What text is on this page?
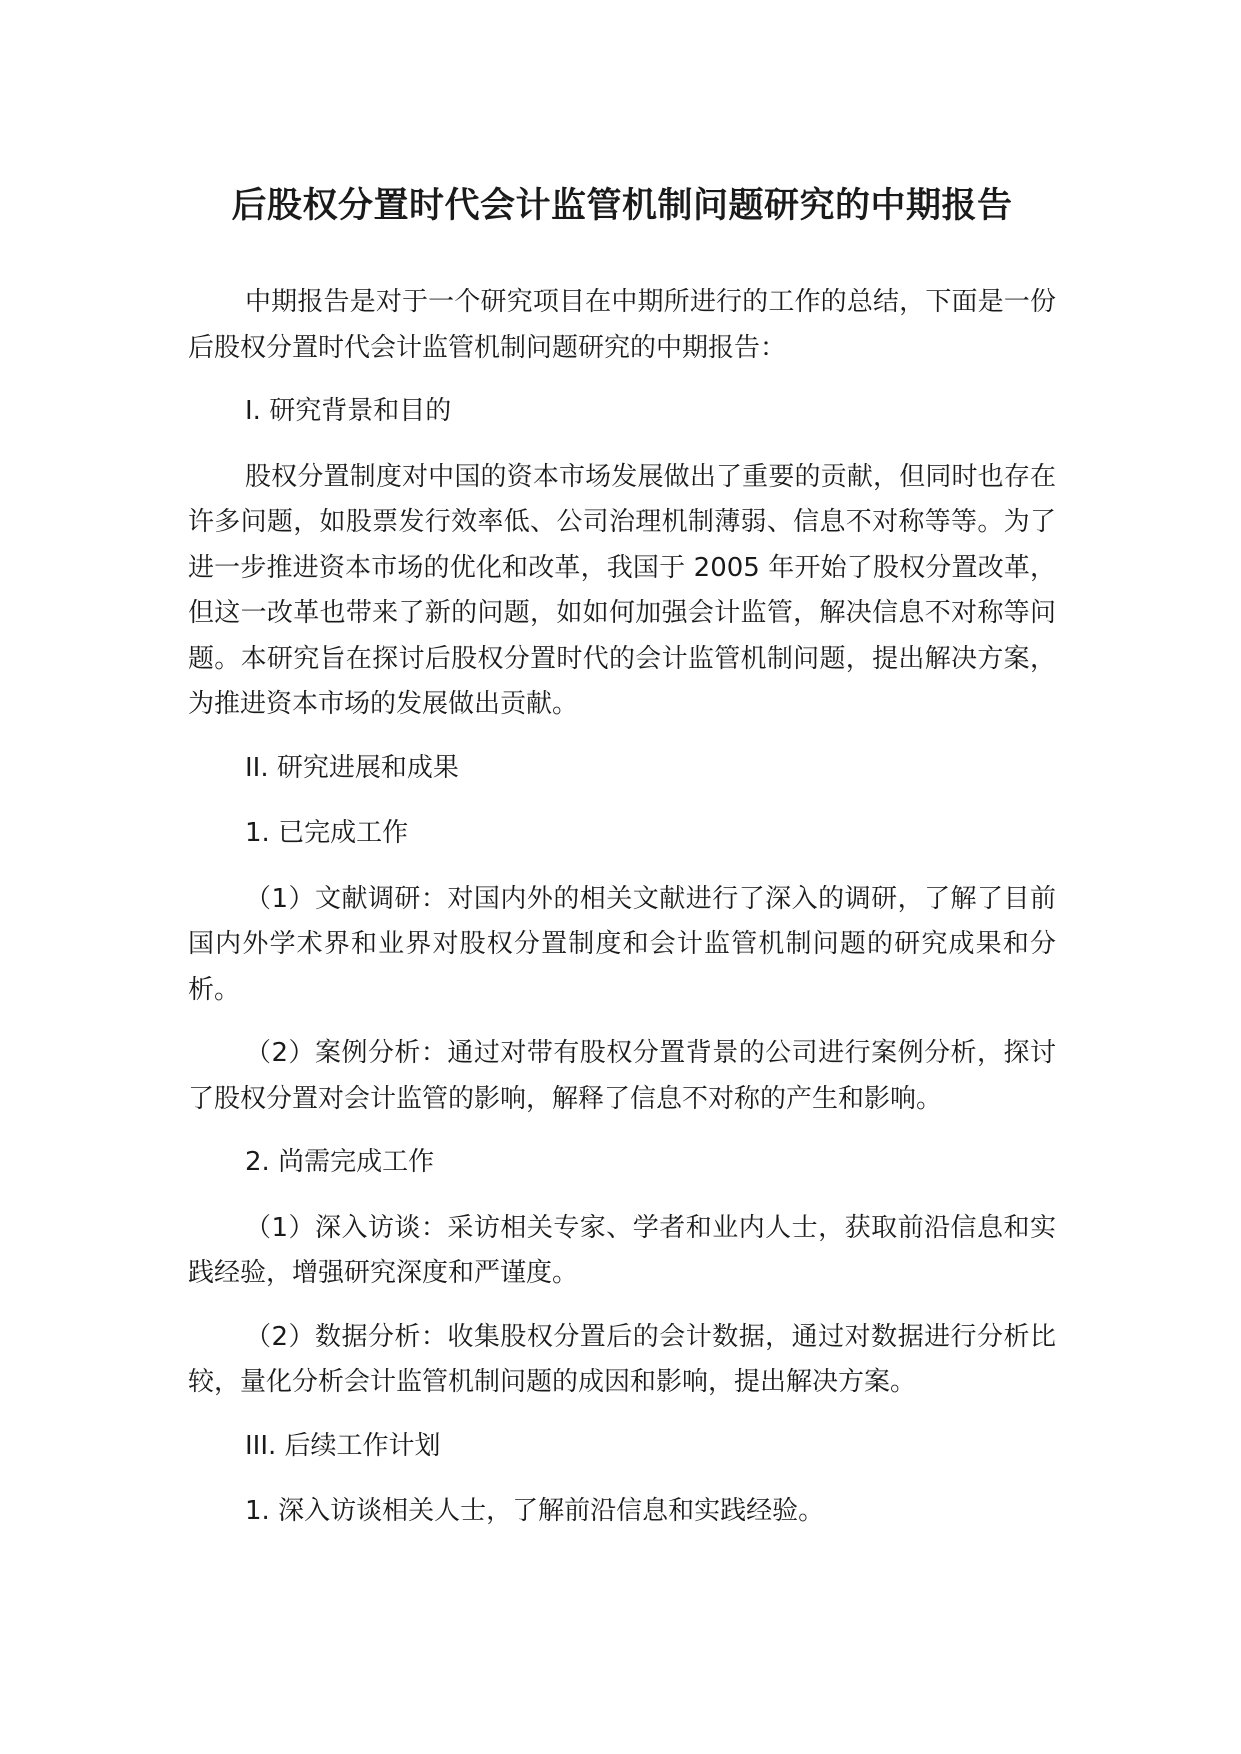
后股权分置时代会计监管机制问题研究的中期报告

中期报告是对于一个研究项目在中期所进行的工作的总结，下面是一份后股权分置时代会计监管机制问题研究的中期报告：

I. 研究背景和目的

股权分置制度对中国的资本市场发展做出了重要的贡献，但同时也存在许多问题，如股票发行效率低、公司治理机制薄弱、信息不对称等等。为了进一步推进资本市场的优化和改革，我国于 2005 年开始了股权分置改革，但这一改革也带来了新的问题，如如何加强会计监管，解决信息不对称等问题。本研究旨在探讨后股权分置时代的会计监管机制问题，提出解决方案，为推进资本市场的发展做出贡献。

II. 研究进展和成果

1. 已完成工作

（1）文献调研：对国内外的相关文献进行了深入的调研，了解了目前国内外学术界和业界对股权分置制度和会计监管机制问题的研究成果和分析。

（2）案例分析：通过对带有股权分置背景的公司进行案例分析，探讨了股权分置对会计监管的影响，解释了信息不对称的产生和影响。

2. 尚需完成工作

（1）深入访谈：采访相关专家、学者和业内人士，获取前沿信息和实践经验，增强研究深度和严谨度。

（2）数据分析：收集股权分置后的会计数据，通过对数据进行分析比较，量化分析会计监管机制问题的成因和影响，提出解决方案。

III. 后续工作计划

1. 深入访谈相关人士，了解前沿信息和实践经验。
